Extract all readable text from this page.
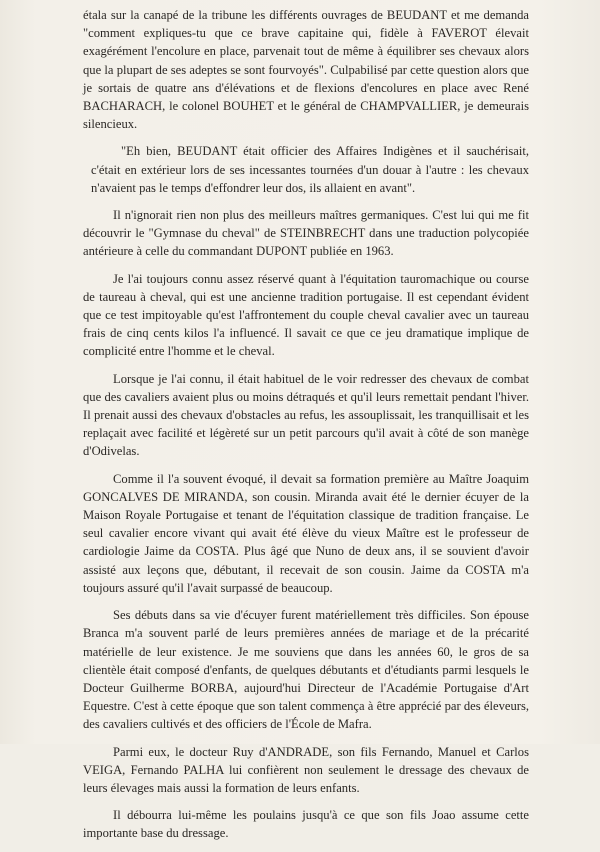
étala sur la canapé de la tribune les différents ouvrages de BEUDANT et me demanda "comment expliques-tu que ce brave capitaine qui, fidèle à FAVEROT élevait exagérément l'encolure en place, parvenait tout de même à équilibrer ses chevaux alors que la plupart de ses adeptes se sont fourvoyés". Culpabilisé par cette question alors que je sortais de quatre ans d'élévations et de flexions d'encolures en place avec René BACHARACH, le colonel BOUHET et le général de CHAMPVALLIER, je demeurais silencieux.

"Eh bien, BEUDANT était officier des Affaires Indigènes et il sauchérisait, c'était en extérieur lors de ses incessantes tournées d'un douar à l'autre : les chevaux n'avaient pas le temps d'effondrer leur dos, ils allaient en avant".

Il n'ignorait rien non plus des meilleurs maîtres germaniques. C'est lui qui me fit découvrir le "Gymnase du cheval" de STEINBRECHT dans une traduction polycopiée antérieure à celle du commandant DUPONT publiée en 1963.

Je l'ai toujours connu assez réservé quant à l'équitation tauromachique ou course de taureau à cheval, qui est une ancienne tradition portugaise. Il est cependant évident que ce test impitoyable qu'est l'affrontement du couple cheval cavalier avec un taureau frais de cinq cents kilos l'a influencé. Il savait ce que ce jeu dramatique implique de complicité entre l'homme et le cheval.

Lorsque je l'ai connu, il était habituel de le voir redresser des chevaux de combat que des cavaliers avaient plus ou moins détraqués et qu'il leurs remettait pendant l'hiver. Il prenait aussi des chevaux d'obstacles au refus, les assouplissait, les tranquillisait et les replaçait avec facilité et légèreté sur un petit parcours qu'il avait à côté de son manège d'Odivelas.

Comme il l'a souvent évoqué, il devait sa formation première au Maître Joaquim GONCALVES DE MIRANDA, son cousin. Miranda avait été le dernier écuyer de la Maison Royale Portugaise et tenant de l'équitation classique de tradition française. Le seul cavalier encore vivant qui avait été élève du vieux Maître est le professeur de cardiologie Jaime da COSTA. Plus âgé que Nuno de deux ans, il se souvient d'avoir assisté aux leçons que, débutant, il recevait de son cousin. Jaime da COSTA m'a toujours assuré qu'il l'avait surpassé de beaucoup.

Ses débuts dans sa vie d'écuyer furent matériellement très difficiles. Son épouse Branca m'a souvent parlé de leurs premières années de mariage et de la précarité matérielle de leur existence. Je me souviens que dans les années 60, le gros de sa clientèle était composé d'enfants, de quelques débutants et d'étudiants parmi lesquels le Docteur Guilherme BORBA, aujourd'hui Directeur de l'Académie Portugaise d'Art Equestre. C'est à cette époque que son talent commença à être apprécié par des éleveurs, des cavaliers cultivés et des officiers de l'École de Mafra.

Parmi eux, le docteur Ruy d'ANDRADE, son fils Fernando, Manuel et Carlos VEIGA, Fernando PALHA lui confièrent non seulement le dressage des chevaux de leurs élevages mais aussi la formation de leurs enfants.

Il débourra lui-même les poulains jusqu'à ce que son fils Joao assume cette importante base du dressage.
